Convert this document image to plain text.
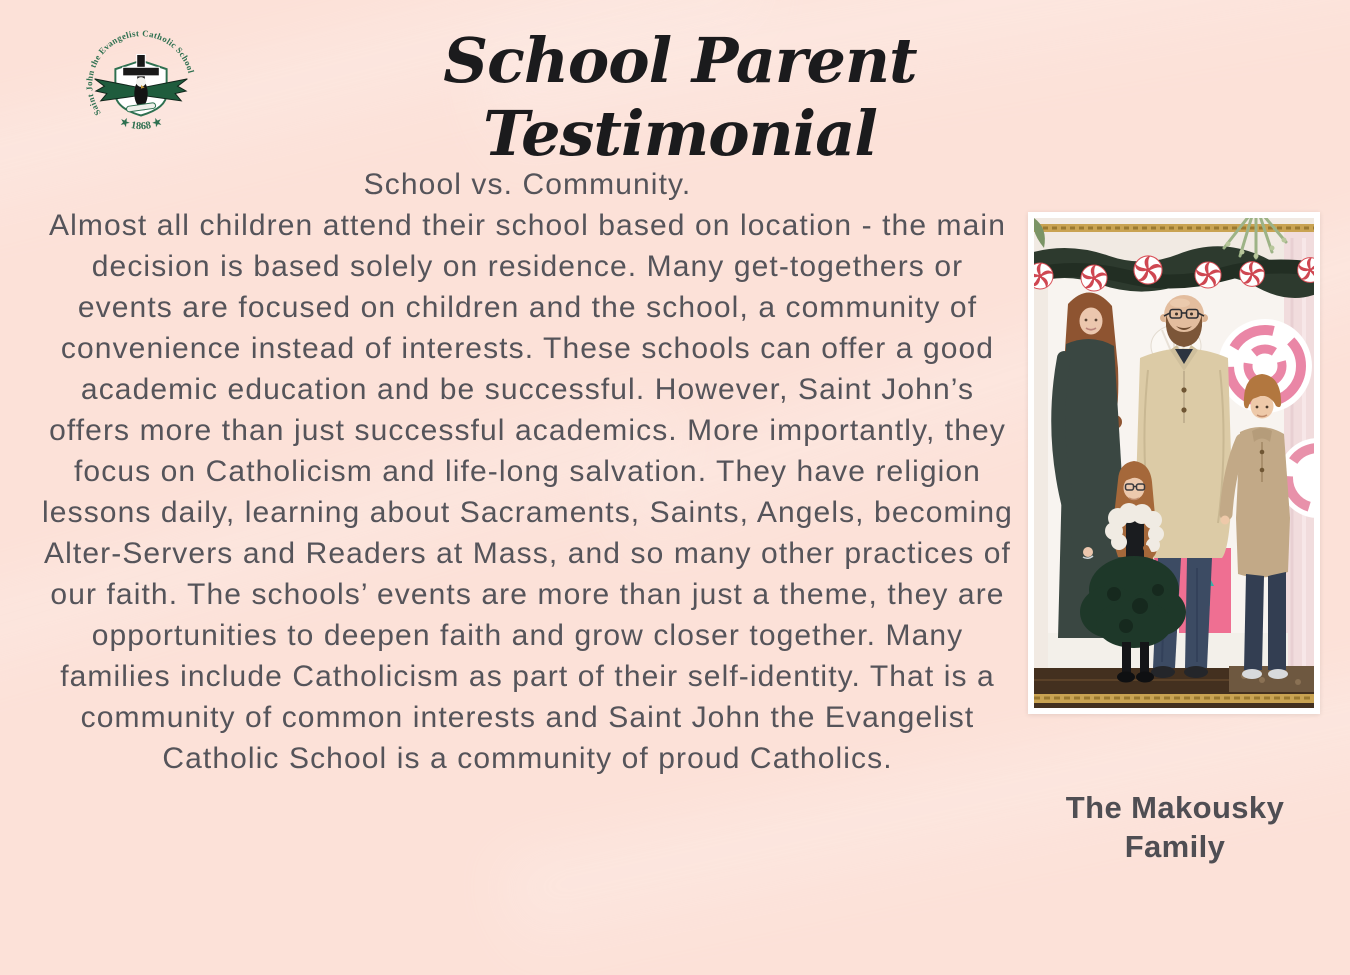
Saint John the Evangelist Catholic School
★ 1868 ★
School Parent Testimonial

School vs. Community.

Almost all children attend their school based on location - the main decision is based solely on residence. Many get-togethers or events are focused on children and the school, a community of convenience instead of interests. These schools can offer a good academic education and be successful. However, Saint John’s offers more than just successful academics. More importantly, they focus on Catholicism and life-long salvation. They have religion lessons daily, learning about Sacraments, Saints, Angels, becoming Alter-Servers and Readers at Mass, and so many other practices of our faith. The schools’ events are more than just a theme, they are opportunities to deepen faith and grow closer together. Many families include Catholicism as part of their self-identity. That is a community of common interests and Saint John the Evangelist Catholic School is a community of proud Catholics.

The Makousky Family
